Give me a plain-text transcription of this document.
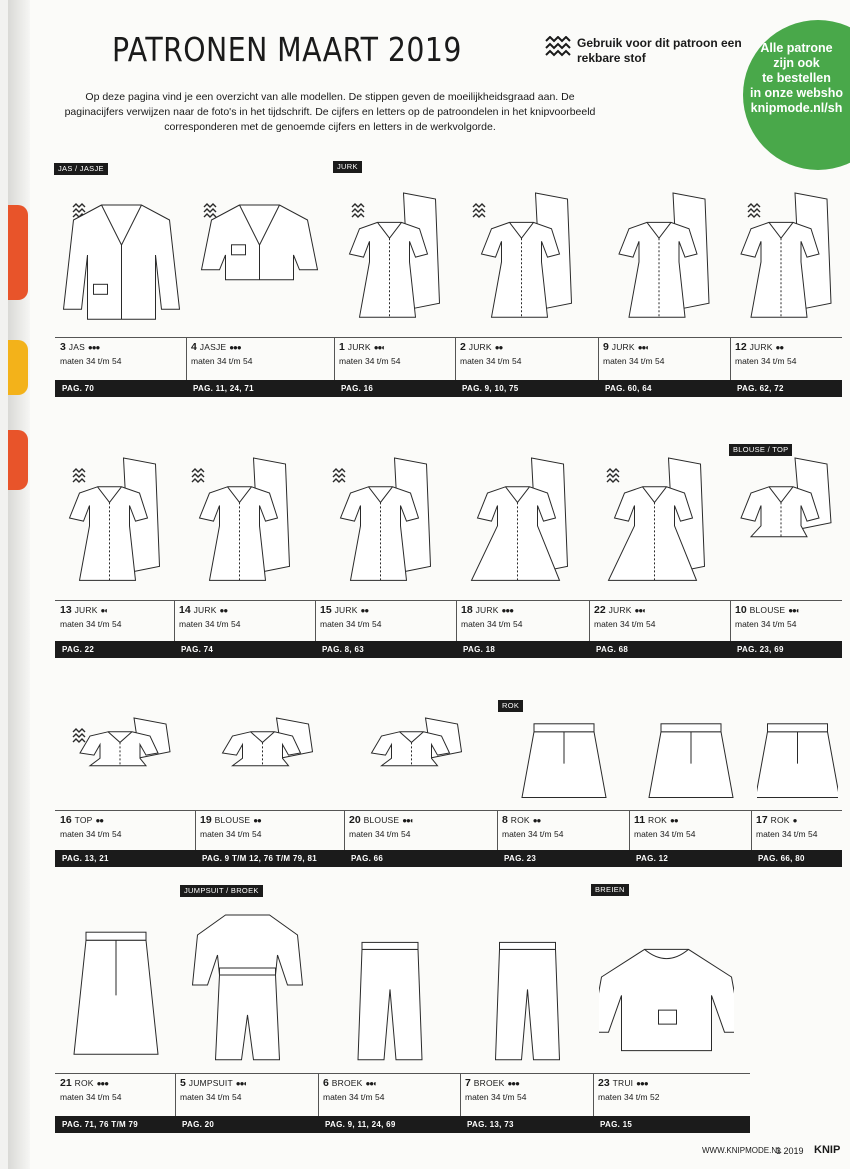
PATRONEN MAART 2019	Gebruik voor dit patroon een rekbare stof
Alle patrone
zijn ook
te bestellen
in onze websho
knipmode.nl/sh
Op deze pagina vind je een overzicht van alle modellen. De stippen geven de moeilijkheidsgraad aan. De paginacijfers verwijzen naar de foto's in het tijdschrift. De cijfers en letters op de patroondelen in het knipvoorbeeld corresponderen met de genoemde cijfers en letters in de werkvolgorde.
JAS / JASJE	JURK
BLOUSE / TOP
ROK
JUMPSUIT / BROEK	BREIEN
3 JAS ●●●
maten 34 t/m 54
PAG. 70
4 JASJE ●●●
maten 34 t/m 54
PAG. 11, 24, 71
1 JURK ●●◐
maten 34 t/m 54
PAG. 16
2 JURK ●●
maten 34 t/m 54
PAG. 9, 10, 75
9 JURK ●●◐
maten 34 t/m 54
PAG. 60, 64
12 JURK ●●
maten 34 t/m 54
PAG. 62, 72
13 JURK ●◐
maten 34 t/m 54
PAG. 22
14 JURK ●●
maten 34 t/m 54
PAG. 74
15 JURK ●●
maten 34 t/m 54
PAG. 8, 63
18 JURK ●●●
maten 34 t/m 54
PAG. 18
22 JURK ●●◐
maten 34 t/m 54
PAG. 68
10 BLOUSE ●●◐
maten 34 t/m 54
PAG. 23, 69
16 TOP ●●
maten 34 t/m 54
PAG. 13, 21
19 BLOUSE ●●
maten 34 t/m 54
PAG. 9 T/M 12, 76 T/M 79, 81
20 BLOUSE ●●◐
maten 34 t/m 54
PAG. 66
8 ROK ●●
maten 34 t/m 54
PAG. 23
11 ROK ●●
maten 34 t/m 54
PAG. 12
17 ROK ●
maten 34 t/m 54
PAG. 66, 80
21 ROK ●●●
maten 34 t/m 54
PAG. 71, 76 T/M 79
5 JUMPSUIT ●●◐
maten 34 t/m 54
PAG. 20
6 BROEK ●●◐
maten 34 t/m 54
PAG. 9, 11, 24, 69
7 BROEK ●●●
maten 34 t/m 54
PAG. 13, 73
23 TRUI ●●●
maten 34 t/m 52
PAG. 15
WWW.KNIPMODE.NL
3 2019 KNIP
